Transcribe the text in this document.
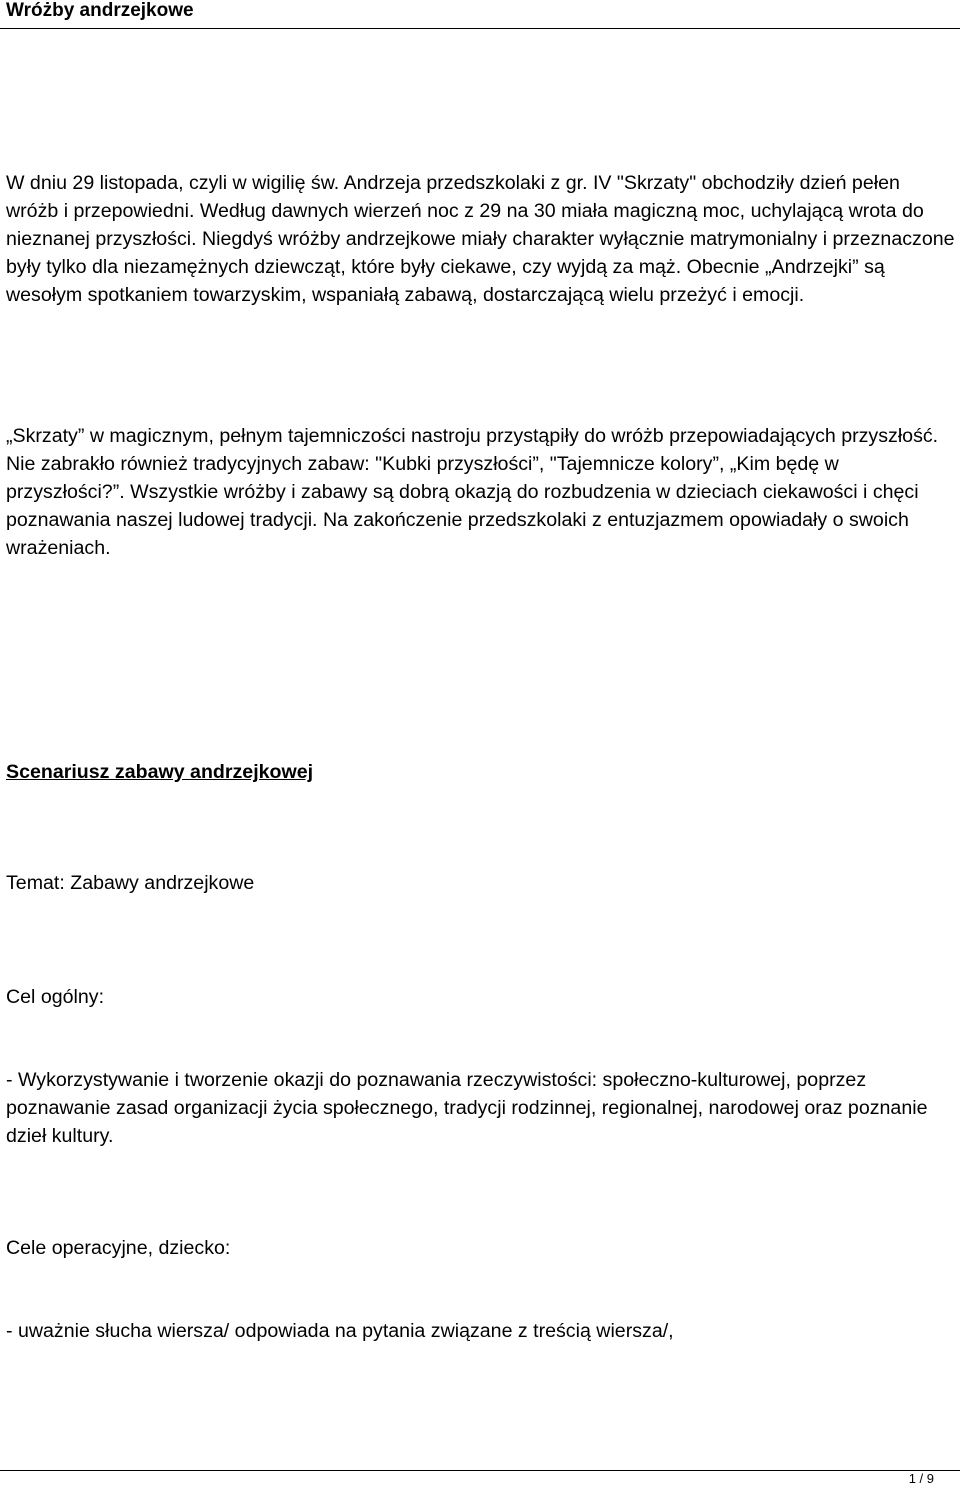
Wróżby andrzejkowe

W dniu 29 listopada, czyli w wigilię św. Andrzeja przedszkolaki z gr. IV "Skrzaty" obchodziły dzień pełen wróżb i przepowiedni. Według dawnych wierzeń noc z 29 na 30 miała magiczną moc, uchylającą wrota do nieznanej przyszłości. Niegdyś wróżby andrzejkowe miały charakter wyłącznie matrymonialny i przeznaczone były tylko dla niezamężnych dziewcząt, które były ciekawe, czy wyjdą za mąż. Obecnie „Andrzejki” są wesołym spotkaniem towarzyskim, wspaniałą zabawą, dostarczającą wielu przeżyć i emocji.

„Skrzaty” w magicznym, pełnym tajemniczości nastroju przystąpiły do wróżb przepowiadających przyszłość. Nie zabrakło również tradycyjnych zabaw: "Kubki przyszłości”, "Tajemnicze kolory”, „Kim będę w przyszłości?”. Wszystkie wróżby i zabawy są dobrą okazją do rozbudzenia w dzieciach ciekawości i chęci poznawania naszej ludowej tradycji. Na zakończenie przedszkolaki z entuzjazmem opowiadały o swoich wrażeniach.

Scenariusz zabawy andrzejkowej

Temat: Zabawy andrzejkowe

Cel ogólny:

- Wykorzystywanie i tworzenie okazji do poznawania rzeczywistości: społeczno-kulturowej, poprzez poznawanie zasad organizacji życia społecznego, tradycji rodzinnej, regionalnej, narodowej oraz poznanie dzieł kultury.

Cele operacyjne, dziecko:

- uważnie słucha wiersza/ odpowiada na pytania związane z treścią wiersza/,

1 / 9
